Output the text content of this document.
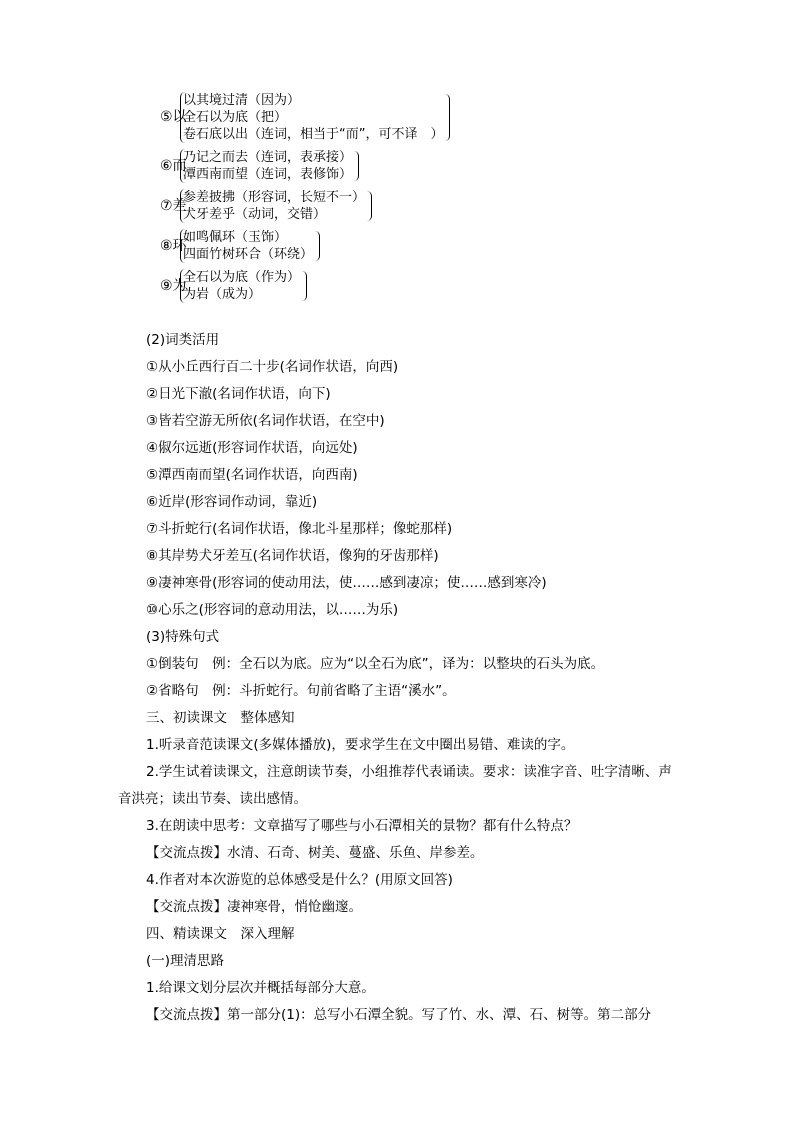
⑤以
以其境过清（因为）
全石以为底（把）
卷石底以出（连词，相当于“而”，可不译　）
⑥而
乃记之而去（连词，表承接）
潭西南而望（连词，表修饰）
⑦差
参差披拂（形容词，长短不一）
犬牙差乎（动词，交错）
⑧环
如鸣佩环（玉饰）
四面竹树环合（环绕）
⑨为
全石以为底（作为）
为岩（成为）

(2)词类活用

①从小丘西行百二十步(名词作状语，向西)

②日光下澈(名词作状语，向下)

③皆若空游无所依(名词作状语，在空中)

④俶尔远逝(形容词作状语，向远处)

⑤潭西南而望(名词作状语，向西南)

⑥近岸(形容词作动词，靠近)

⑦斗折蛇行(名词作状语，像北斗星那样；像蛇那样)

⑧其岸势犬牙差互(名词作状语，像狗的牙齿那样)

⑨凄神寒骨(形容词的使动用法，使……感到凄凉；使……感到寒冷)

⑩心乐之(形容词的意动用法，以……为乐)

(3)特殊句式

①倒装句　例：全石以为底。应为“以全石为底”，译为：以整块的石头为底。

②省略句　例：斗折蛇行。句前省略了主语“溪水”。

三、初读课文　整体感知

1.听录音范读课文(多媒体播放)，要求学生在文中圈出易错、难读的字。

2.学生试着读课文，注意朗读节奏，小组推荐代表诵读。要求：读准字音、吐字清晰、声音洪亮；读出节奏、读出感情。

3.在朗读中思考：文章描写了哪些与小石潭相关的景物？都有什么特点？

【交流点拨】水清、石奇、树美、蔓盛、乐鱼、岸参差。

4.作者对本次游览的总体感受是什么？(用原文回答)

【交流点拨】凄神寒骨，悄怆幽邃。

四、精读课文　深入理解

(一)理清思路

1.给课文划分层次并概括每部分大意。

【交流点拨】第一部分(1)：总写小石潭全貌。写了竹、水、潭、石、树等。第二部分
